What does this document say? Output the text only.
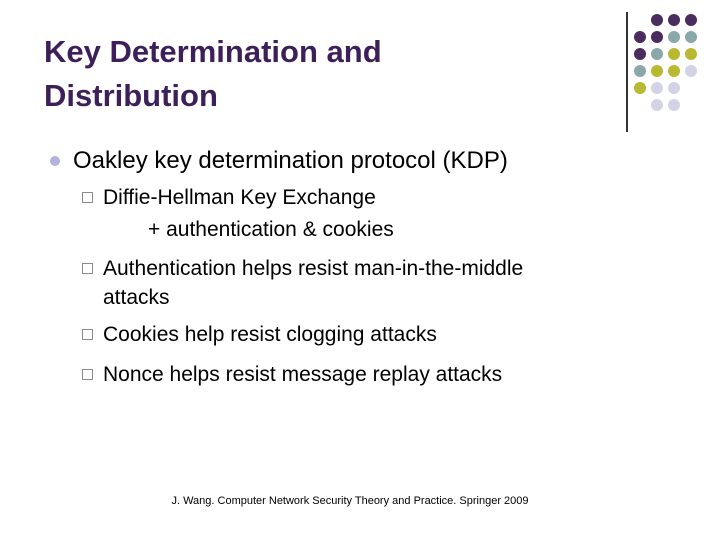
Key Determination and
Distribution
Oakley key determination protocol (KDP)
Diffie-Hellman Key Exchange
+ authentication & cookies
Authentication helps resist man-in-the-middle
attacks
Cookies help resist clogging attacks
Nonce helps resist message replay attacks
J. Wang. Computer Network Security Theory and Practice. Springer 2009
